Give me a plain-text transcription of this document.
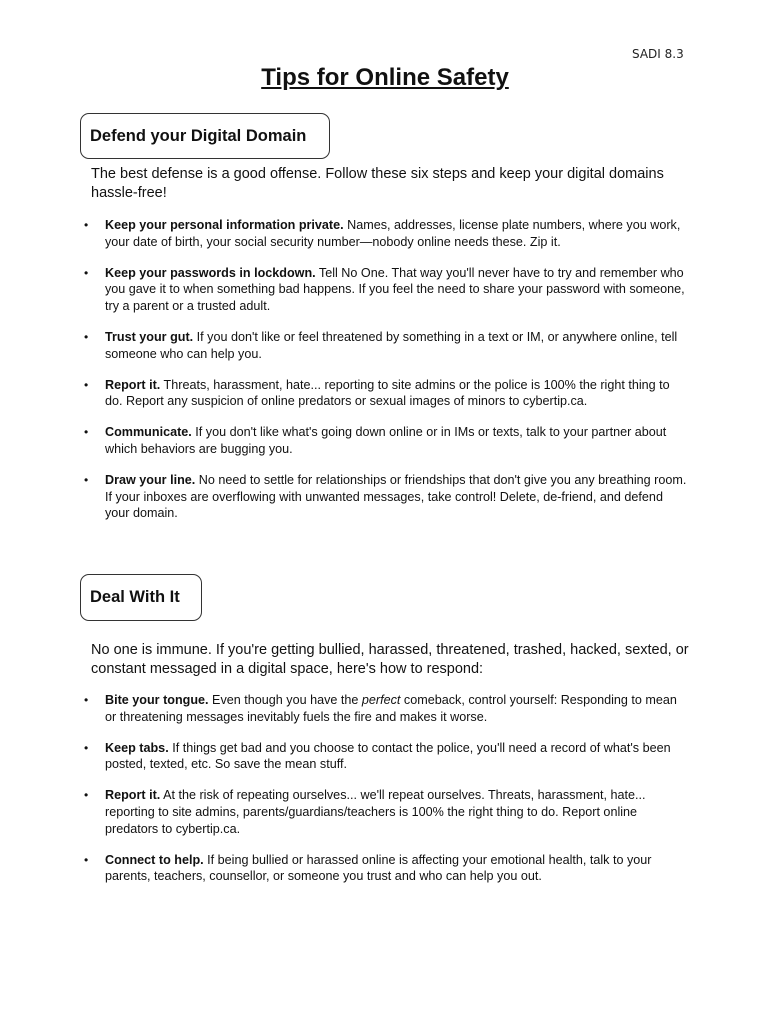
SADI 8.3
Tips for Online Safety
Defend your Digital Domain

The best defense is a good offense. Follow these six steps and keep your digital domains hassle-free!

• Keep your personal information private. Names, addresses, license plate numbers, where you work, your date of birth, your social security number—nobody online needs these. Zip it.
• Keep your passwords in lockdown. Tell No One. That way you'll never have to try and remember who you gave it to when something bad happens. If you feel the need to share your password with someone, try a parent or a trusted adult.
• Trust your gut. If you don't like or feel threatened by something in a text or IM, or anywhere online, tell someone who can help you.
• Report it. Threats, harassment, hate... reporting to site admins or the police is 100% the right thing to do. Report any suspicion of online predators or sexual images of minors to cybertip.ca.
• Communicate. If you don't like what's going down online or in IMs or texts, talk to your partner about which behaviors are bugging you.
• Draw your line. No need to settle for relationships or friendships that don't give you any breathing room. If your inboxes are overflowing with unwanted messages, take control! Delete, de-friend, and defend your domain.
Deal With It

No one is immune. If you're getting bullied, harassed, threatened, trashed, hacked, sexted, or constant messaged in a digital space, here's how to respond:

• Bite your tongue. Even though you have the perfect comeback, control yourself: Responding to mean or threatening messages inevitably fuels the fire and makes it worse.
• Keep tabs. If things get bad and you choose to contact the police, you'll need a record of what's been posted, texted, etc. So save the mean stuff.
• Report it. At the risk of repeating ourselves... we'll repeat ourselves. Threats, harassment, hate... reporting to site admins, parents/guardians/teachers is 100% the right thing to do. Report online predators to cybertip.ca.
• Connect to help. If being bullied or harassed online is affecting your emotional health, talk to your parents, teachers, counsellor, or someone you trust and who can help you out.
